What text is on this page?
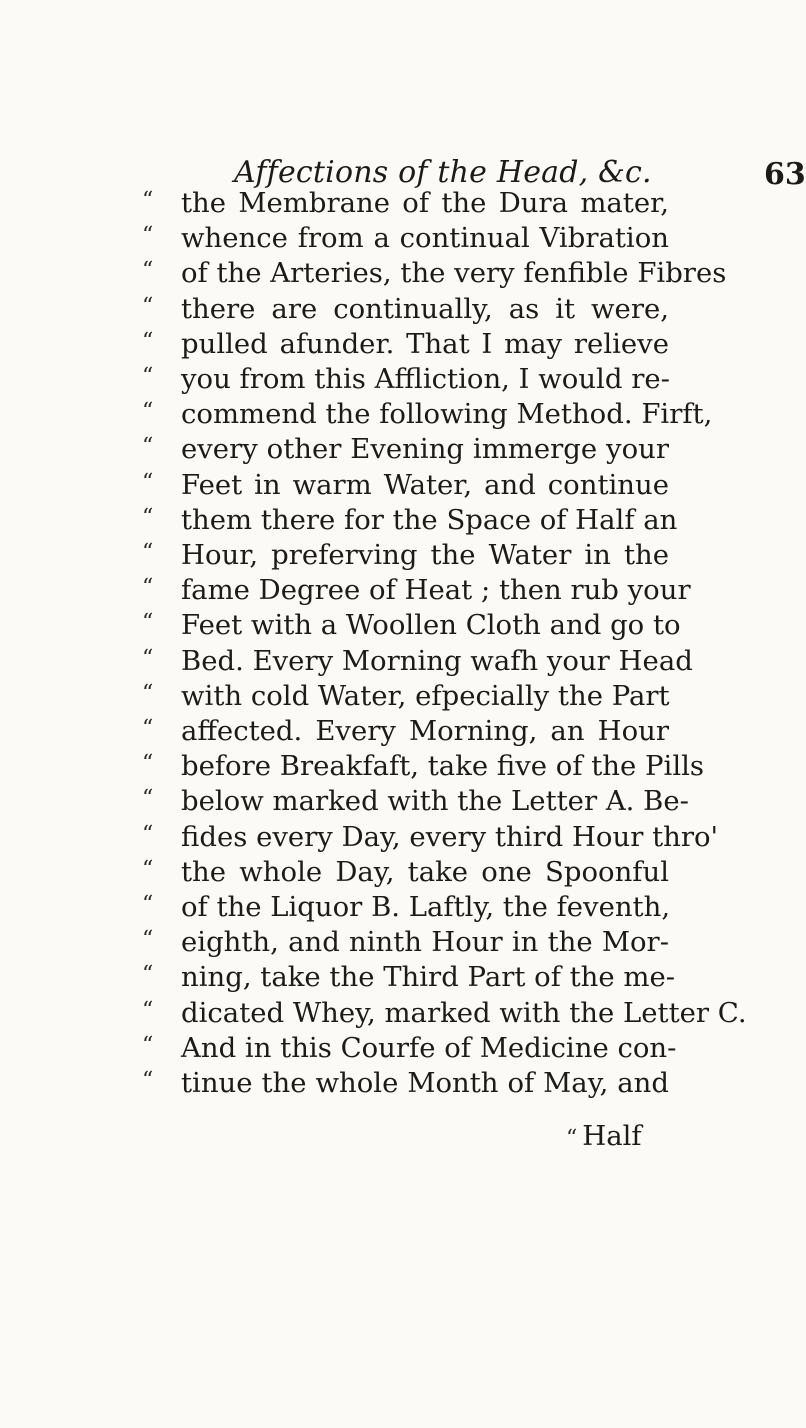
Affections of the Head, &c.	63
“ the Membrane of the Dura mater,
“ whence from a continual Vibration
“ of the Arteries, the very fenfible Fibres
“ there are continually, as it were,
“ pulled afunder. That I may relieve
“ you from this Affliction, I would re-
“ commend the following Method. Firft,
“ every other Evening immerge your
“ Feet in warm Water, and continue
“ them there for the Space of Half an
“ Hour, preferving the Water in the
“ fame Degree of Heat ; then rub your
“ Feet with a Woollen Cloth and go to
“ Bed. Every Morning wafh your Head
“ with cold Water, efpecially the Part
“ affected. Every Morning, an Hour
“ before Breakfaft, take five of the Pills
“ below marked with the Letter A. Be-
“ fides every Day, every third Hour thro'
“ the whole Day, take one Spoonful
“ of the Liquor B. Laftly, the feventh,
“ eighth, and ninth Hour in the Mor-
“ ning, take the Third Part of the me-
“ dicated Whey, marked with the Letter C.
“ And in this Courfe of Medicine con-
“ tinue the whole Month of May, and
“ Half
